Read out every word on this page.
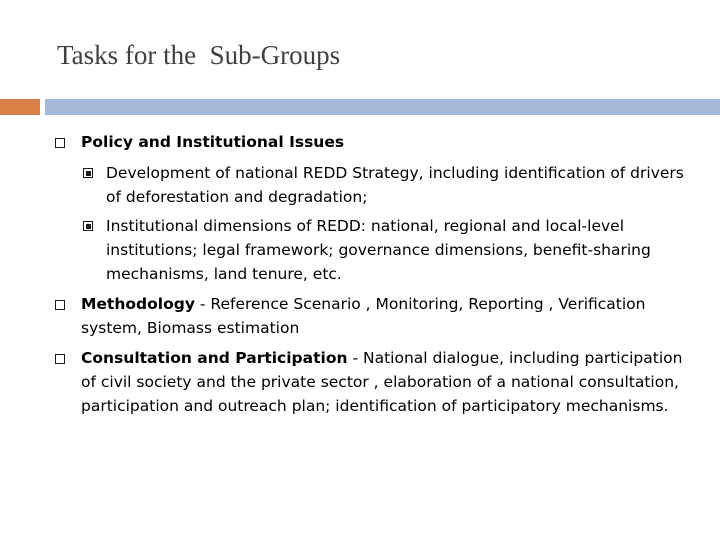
Tasks for the  Sub-Groups
Policy and Institutional Issues
Development of national REDD Strategy, including identification of drivers of deforestation and degradation;
Institutional dimensions of REDD: national, regional and local-level institutions; legal framework; governance dimensions, benefit-sharing mechanisms, land tenure, etc.
Methodology - Reference Scenario , Monitoring, Reporting , Verification system, Biomass estimation
Consultation and Participation - National dialogue, including participation of civil society and the private sector , elaboration of a national consultation, participation and outreach plan; identification of participatory mechanisms.
